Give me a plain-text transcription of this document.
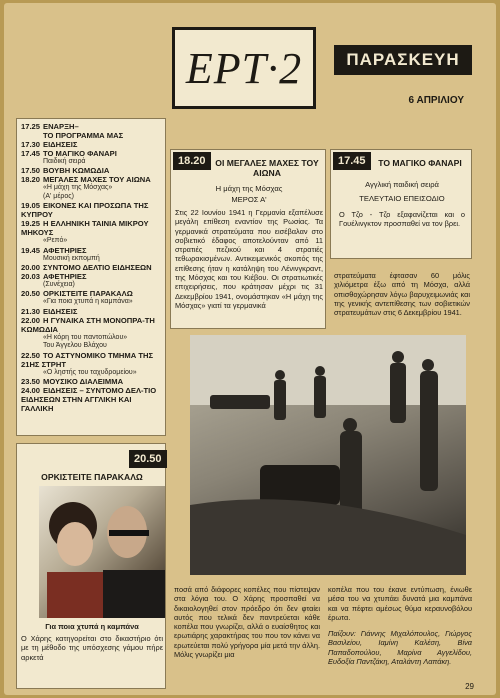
ΕΡΤ·2	ΠΑΡΑΣΚΕΥΗ
6 ΑΠΡΙΛΙΟΥ
17.25 ΕΝΑΡΞΗ–
ΤΟ ΠΡΟΓΡΑΜΜΑ ΜΑΣ
17.30 ΕΙΔΗΣΕΙΣ
17.45 ΤΟ ΜΑΓΙΚΟ ΦΑΝΑΡΙ
Παιδική σειρά
17.50 ΒΟΥΒΗ ΚΩΜΩΔΙΑ
18.20 ΜΕΓΑΛΕΣ ΜΑΧΕΣ ΤΟΥ ΑΙΩΝΑ
«Η μάχη της Μόσχας»
(Α' μέρος)
19.05 ΕΙΚΟΝΕΣ ΚΑΙ ΠΡΟΣΩΠΑ ΤΗΣ ΚΥΠΡΟΥ
19.25 Η ΕΛΛΗΝΙΚΗ ΤΑΙΝΙΑ ΜΙΚΡΟΥ ΜΗΚΟΥΣ
«Ρεπό»
19.45 ΑΦΕΤΗΡΙΕΣ
Μουσική εκπομπή
20.00 ΣΥΝΤΟΜΟ ΔΕΛΤΙΟ ΕΙΔΗΣΕΩΝ
20.03 ΑΦΕΤΗΡΙΕΣ
(Συνέχεια)
20.50 ΟΡΚΙΣΤΕΙΤΕ ΠΑΡΑΚΑΛΩ
«Για ποια χτυπά η καμπάνα»
21.30 ΕΙΔΗΣΕΙΣ
22.00 Η ΓΥΝΑΙΚΑ ΣΤΗ ΜΟΝΟΠΡΑ-ΤΗ ΚΩΜΩΔΙΑ
«Η κόρη του παντοπώλου»
Του Άγγελου Βλάχου
22.50 ΤΟ ΑΣΤΥΝΟΜΙΚΟ ΤΜΗΜΑ ΤΗΣ 21ΗΣ ΣΤΡΗΤ
«Ο ληστής του ταχυδρομείου»
23.50 ΜΟΥΣΙΚΟ ΔΙΑΛΕΙΜΜΑ
24.00 ΕΙΔΗΣΕΙΣ – ΣΥΝΤΟΜΟ ΔΕΛ-ΤΙΟ ΕΙΔΗΣΕΩΝ ΣΤΗΝ ΑΓΓΛΙΚΗ ΚΑΙ ΓΑΛΛΙΚΗ
18.20	ΟΙ ΜΕΓΑΛΕΣ ΜΑΧΕΣ ΤΟΥ ΑΙΩΝΑ
Η μάχη της Μόσχας
ΜΕΡΟΣ Α'
Στις 22 Ιουνίου 1941 η Γερμανία εξαπέλυσε μεγάλη επίθεση εναντίον της Ρωσίας. Τα γερμανικά στρατεύματα που εισέβαλαν στο σοβιετικό έδαφος αποτελούνταν από 11 στρατιές πεζικού και 4 στρατιές τεθωρακισμένων. Αντικειμενικός σκοπός της επίθεσης ήταν η κατάληψη του Λένινγκραντ, της Μόσχας και του Κιέβου. Οι στρατιωτικές επιχειρήσεις, που κράτησαν μέχρι τις 31 Δεκεμβρίου 1941, ονομάστηκαν «Η μάχη της Μόσχας» γιατί τα γερμανικά
17.45	ΤΟ ΜΑΓΙΚΟ ΦΑΝΑΡΙ
Αγγλική παιδική σειρά
ΤΕΛΕΥΤΑΙΟ ΕΠΕΙΣΟΔΙΟ
Ο Τζο - Τζο εξαφανίζεται και ο Γουέλινγκτον προσπαθεί να τον βρει.
στρατεύματα έφτασαν 60 μόλις χιλιόμετρα έξω από τη Μόσχα, αλλά οπισθοχώρησαν λόγω βαρυχειμωνιάς και της γενικής αντεπίθεσης των σοβιετικών στρατευμάτων στις 6 Δεκεμβρίου 1941.
20.50
ΟΡΚΙΣΤΕΙΤΕ ΠΑΡΑΚΑΛΩ
Για ποια χτυπά η καμπάνα
Ο Χάρης κατηγορείται στο δικαστήριο ότι με τη μέθοδο της υπόσχεσης γάμου πήρε αρκετά
ποσά από διάφορες κοπέλες που πίστεψαν στα λόγια του. Ο Χάρης προσπαθεί να δικαιολογηθεί στον πρόεδρο ότι δεν φταίει αυτός που τελικά δεν παντρεύεται κάθε κοπέλα που γνωρίζει, αλλά ο ευαίσθητος και ερωτιάρης χαρακτήρας του που τον κάνει να ερωτεύεται πολύ γρήγορα μία μετά την άλλη. Μόλις γνωρίζει μια
κοπέλα που του έκανε εντύπωση, ένιωθε μέσα του να χτυπάει δυνατά μια καμπάνα και να πέφτει αμέσως θύμα κεραυνοβόλου έρωτα.
Παίζουν: Γιάννης Μιχαλόπουλος, Γιώργος Βασιλείου, Ιαμίνη Καλέση, Βίνα Παπαδοπούλου, Μαρίνα Αγγελίδου, Ευδοξία Παντζάκη, Αταλάντη Λαπάκη.
29
